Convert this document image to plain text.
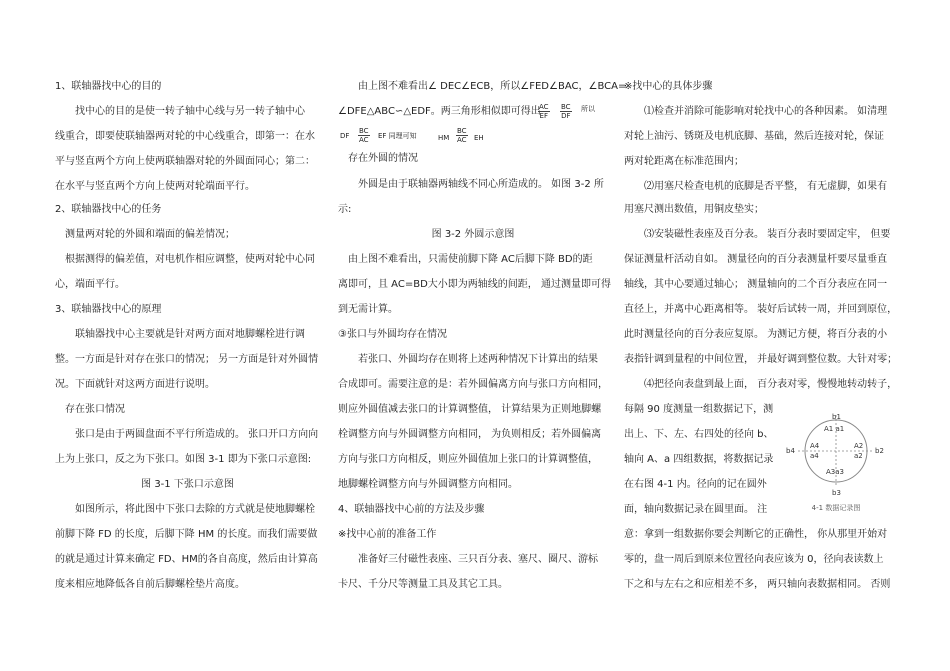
1、联轴器找中心的目的
找中心的目的是使一转子轴中心线与另一转子轴中心
线重合，即要使联轴器两对轮的中心线重合，即第一：在水
平与竖直两个方向上使两联轴器对轮的外圆面同心；第二：
在水平与竖直两个方向上使两对轮端面平行。
2、联轴器找中心的任务
测量两对轮的外圆和端面的偏差情况；
根据测得的偏差值，对电机作相应调整，使两对轮中心同
心，端面平行。
3、联轴器找中心的原理
联轴器找中心主要就是针对两方面对地脚螺栓进行调
整。一方面是针对存在张口的情况； 另一方面是针对外圆情
况。下面就针对这两方面进行说明。
存在张口情况
张口是由于两圆盘面不平行所造成的。 张口开口方向向
上为上张口，反之为下张口。如图 3-1 即为下张口示意图:
图 3-1 下张口示意图
如图所示，将此图中下张口去除的方式就是使地脚螺栓
前脚下降 FD 的长度，后脚下降 HM 的长度。而我们需要做
的就是通过计算来确定 FD、HM的各自高度，然后由计算高
度来相应地降低各自前后脚螺栓垫片高度。
由上图不难看出∠ DEC∠ECB，所以∠FED∠BAC，∠BCA=
∠DFE△ABC∽△EDF。两三角形相似即可得出
存在外圆的情况
外圆是由于联轴器两轴线不同心所造成的。 如图 3-2 所
示:
图 3-2 外圆示意图
由上图不难看出，只需使前脚下降 AC后脚下降 BD的距
离即可，且 AC=BD大小即为两轴线的间距， 通过测量即可得
到无需计算。
③张口与外圆均存在情况
若张口、外圆均存在则将上述两种情况下计算出的结果
合成即可。需要注意的是：若外圆偏离方向与张口方向相同，
则应外圆值减去张口的计算调整值， 计算结果为正则地脚螺
栓调整方向与外圆调整方向相同， 为负则相反；若外圆偏离
方向与张口方向相反，则应外圆值加上张口的计算调整值，
地脚螺栓调整方向与外圆调整方向相同。
4、联轴器找中心前的方法及步骤
※找中心前的准备工作
准备好三付磁性表座、三只百分表、塞尺、圈尺、游标
卡尺、千分尺等测量工具及其它工具。
$\frac{AC}{EF} \frac{BC}{DF}$ 所以
DF $\frac{BC}{AC}$ EF 同理可知	HM $\frac{BC}{AC}$ EH
※找中心的具体步骤
⑴检查并消除可能影响对轮找中心的各种因素。 如清理
对轮上油污、锈斑及电机底脚、基础，然后连接对轮，保证
两对轮距离在标准范围内；
⑵用塞尺检查电机的底脚是否平整， 有无虚脚，如果有
用塞尺测出数值，用铜皮垫实；
⑶安装磁性表座及百分表。 装百分表时要固定牢， 但要
保证测量杆活动自如。 测量径向的百分表测量杆要尽量垂直
轴线，其中心要通过轴心； 测量轴向的二个百分表应在同一
直径上，并离中心距离相等。 装好后试转一周，并回到原位，
此时测量径向的百分表应复原。 为测记方便，将百分表的小
表指针调到量程的中间位置， 并最好调到整位数。大针对零；
⑷把径向表盘到最上面， 百分表对零，慢慢地转动转子，
每隔 90 度测量一组数据记下，测
出上、下、左、右四处的径向 b、
轴向 A、a 四组数据，将数据记录
在右图 4-1 内。径向的记在圆外
面，轴向数据记录在圆里面。 注
意：拿到一组数据你要会判断它的正确性， 你从那里开始对
零的，盘一周后到原来位置径向表应该为 0，径向表读数上
下之和与左右之和应相差不多， 两只轴向表数据相同。 否则
b1
A1 a1
b4
A4
a4
A2
a2
b2
A3a3
b3
4-1 数据记录图
